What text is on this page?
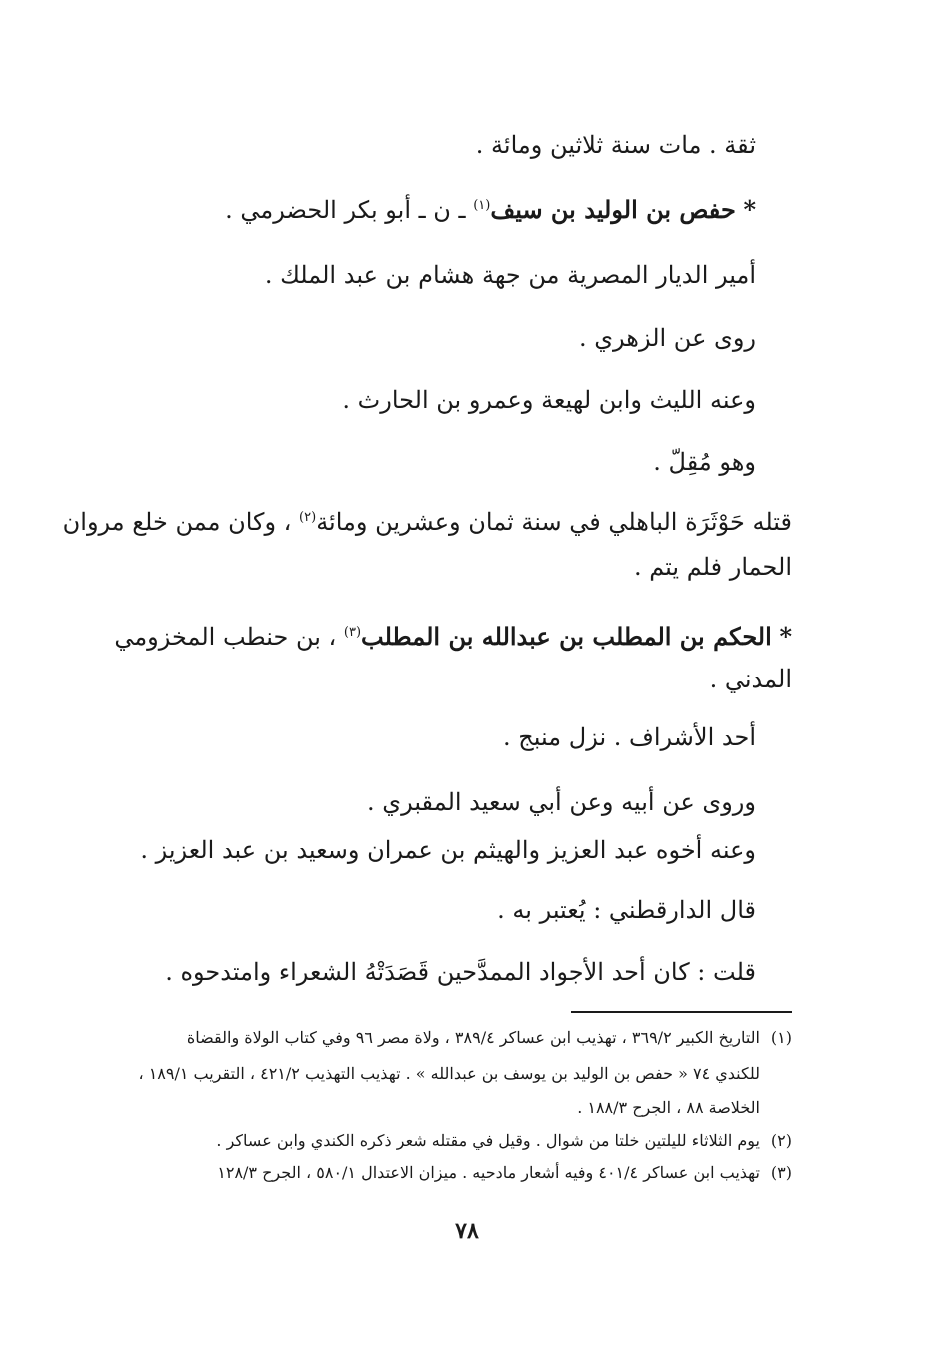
ثقة . مات سنة ثلاثين ومائة .
* حفص بن الوليد بن سيف$^{(١)}$ ـ ن ـ أبو بكر الحضرمي .
أمير الديار المصرية من جهة هشام بن عبد الملك .
روى عن الزهري .
وعنه الليث وابن لهيعة وعمرو بن الحارث .
وهو مُقِلّ .
قتله حَوْثَرَة الباهلي في سنة ثمان وعشرين ومائة$^{(٢)}$ ، وكان ممن خلع مروان
الحمار فلم يتم .
* الحكم بن المطلب بن عبدالله بن المطلب$^{(٣)}$ ، بن حنطب المخزومي
المدني .
أحد الأشراف . نزل منبج .
وروى عن أبيه وعن أبي سعيد المقبري .
وعنه أخوه عبد العزيز والهيثم بن عمران وسعيد بن عبد العزيز .
قال الدارقطني : يُعتبر به .
قلت : كان أحد الأجواد الممدَّحين قَصَدَتْهُ الشعراء وامتدحوه .
(١)التاريخ الكبير ٣٦٩/٢ ، تهذيب ابن عساكر ٣٨٩/٤ ، ولاة مصر ٩٦ وفي كتاب الولاة والقضاة
للكندي ٧٤ « حفص بن الوليد بن يوسف بن عبدالله » . تهذيب التهذيب ٤٢١/٢ ، التقريب ١٨٩/١ ،
الخلاصة ٨٨ ، الجرح ١٨٨/٣ .
(٢)يوم الثلاثاء لليلتين خلتا من شوال . وقيل في مقتله شعر ذكره الكندي وابن عساكر .
(٣)تهذيب ابن عساكر ٤٠١/٤ وفيه أشعار مادحيه . ميزان الاعتدال ٥٨٠/١ ، الجرح ١٢٨/٣
٧٨
